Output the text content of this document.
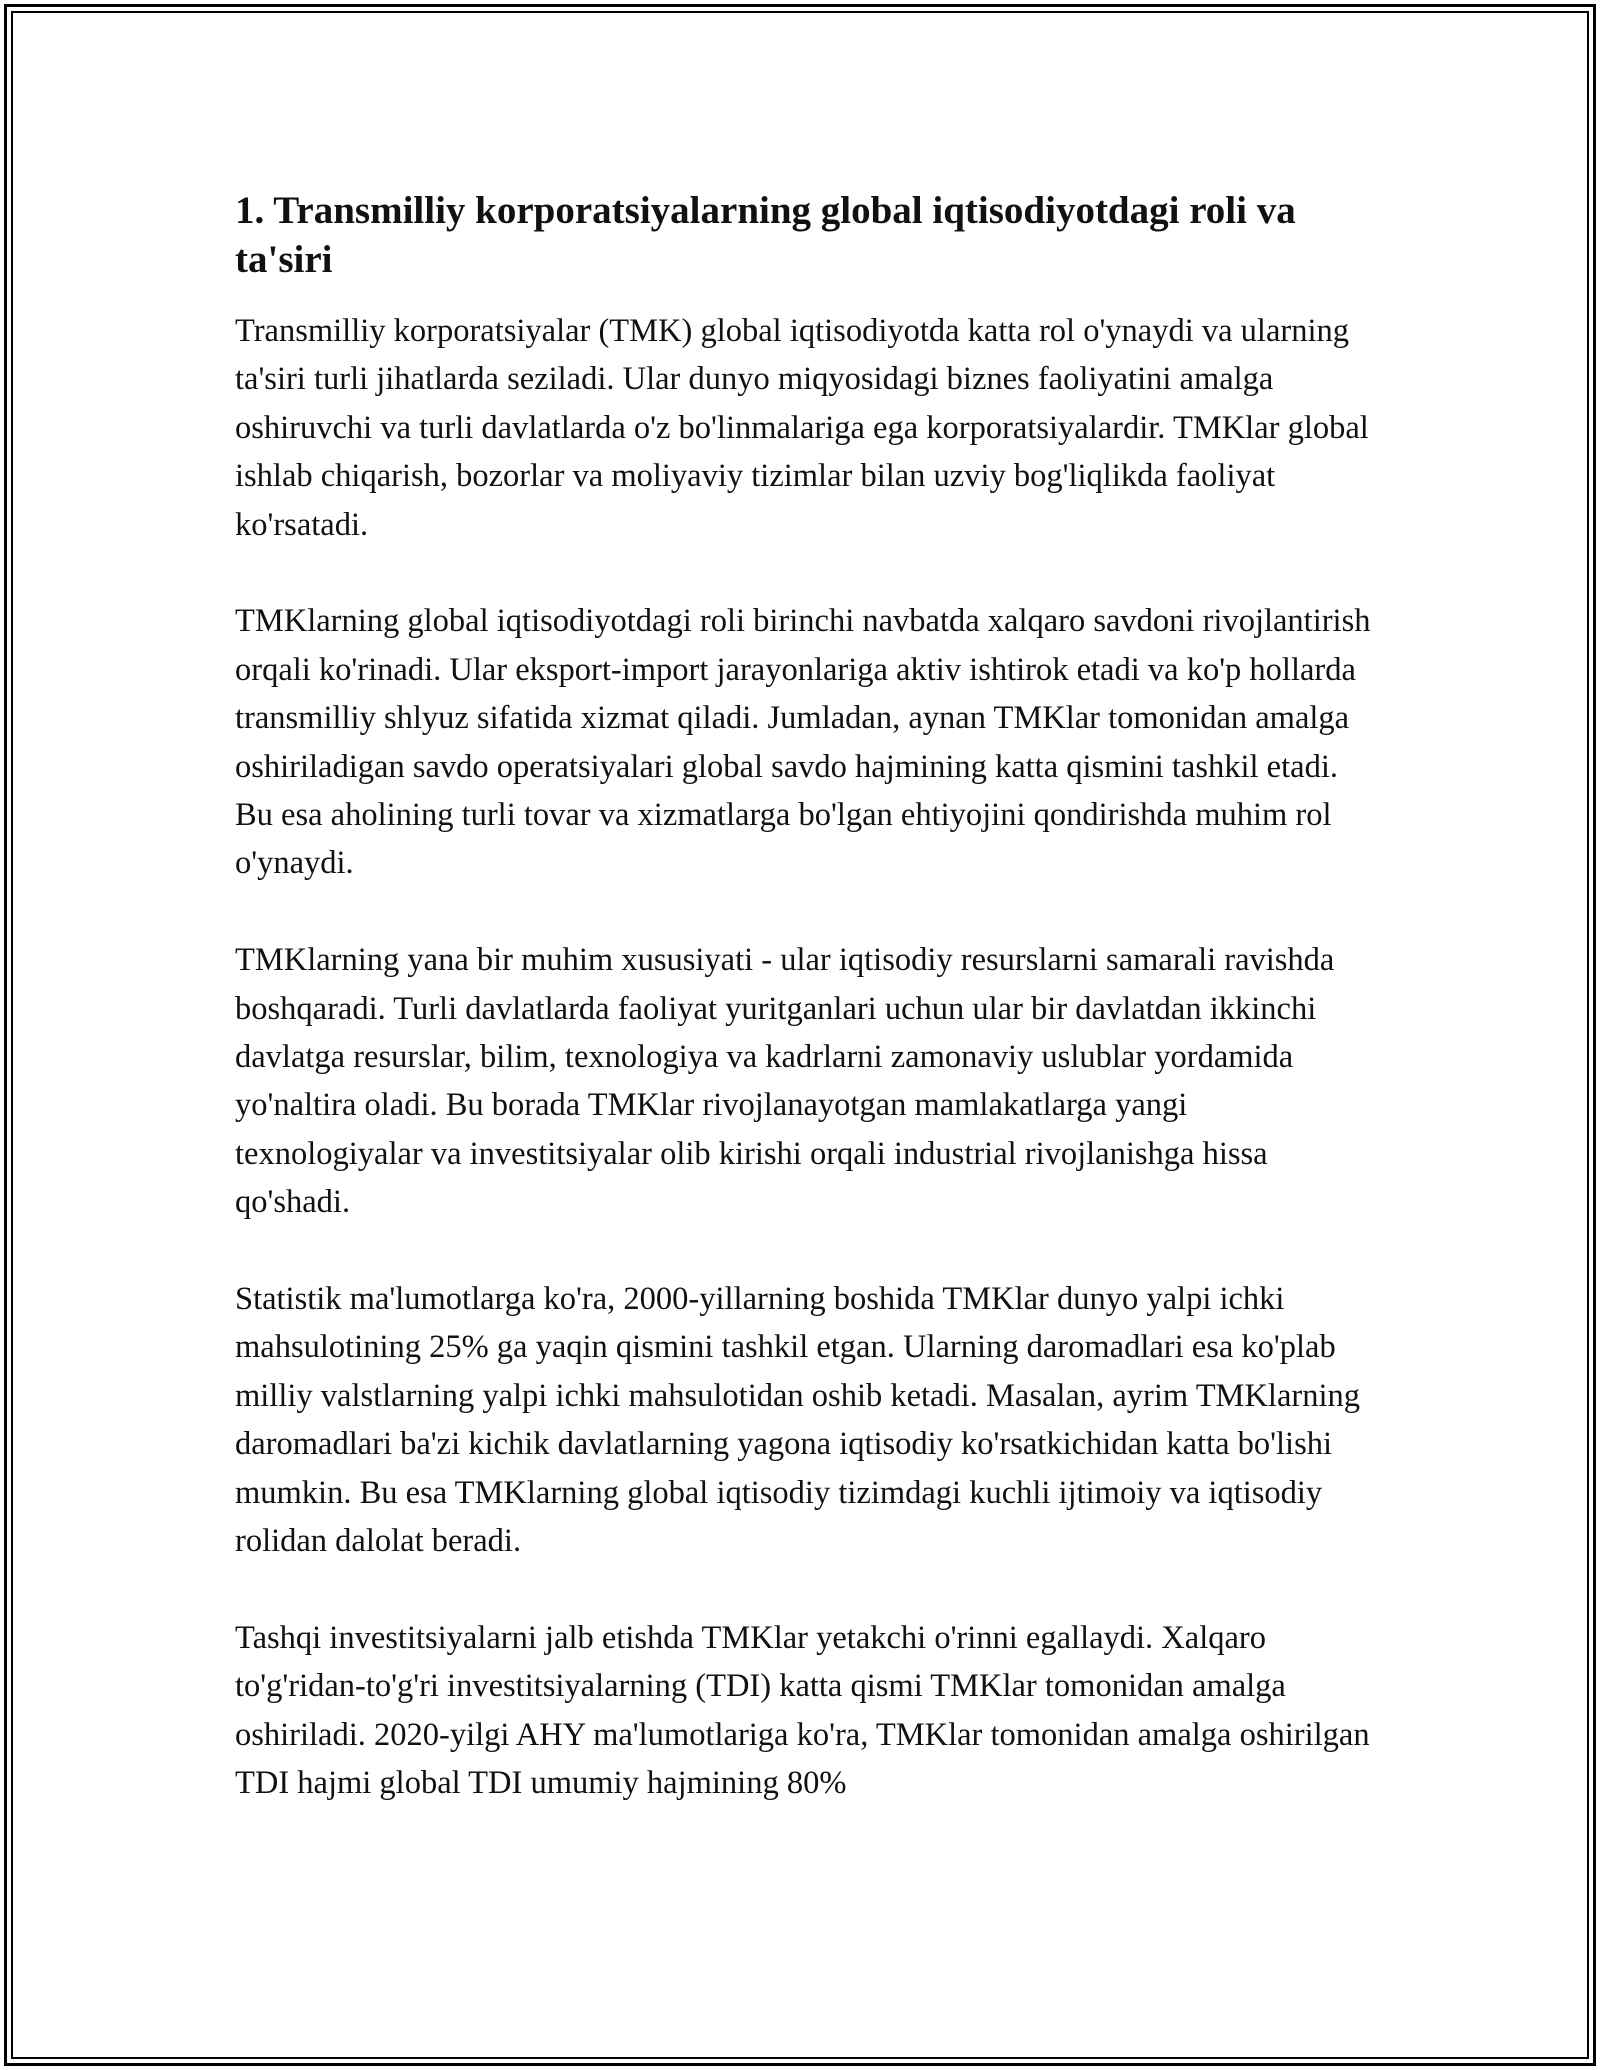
1. Transmilliy korporatsiyalarning global iqtisodiyotdagi roli va ta'siri

Transmilliy korporatsiyalar (TMK) global iqtisodiyotda katta rol o'ynaydi va ularning ta'siri turli jihatlarda seziladi. Ular dunyo miqyosidagi biznes faoliyatini amalga oshiruvchi va turli davlatlarda o'z bo'linmalariga ega korporatsiyalardir. TMKlar global ishlab chiqarish, bozorlar va moliyaviy tizimlar bilan uzviy bog'liqlikda faoliyat ko'rsatadi.

TMKlarning global iqtisodiyotdagi roli birinchi navbatda xalqaro savdoni rivojlantirish orqali ko'rinadi. Ular eksport-import jarayonlariga aktiv ishtirok etadi va ko'p hollarda transmilliy shlyuz sifatida xizmat qiladi. Jumladan, aynan TMKlar tomonidan amalga oshiriladigan savdo operatsiyalari global savdo hajmining katta qismini tashkil etadi. Bu esa aholining turli tovar va xizmatlarga bo'lgan ehtiyojini qondirishda muhim rol o'ynaydi.

TMKlarning yana bir muhim xususiyati - ular iqtisodiy resurslarni samarali ravishda boshqaradi. Turli davlatlarda faoliyat yuritganlari uchun ular bir davlatdan ikkinchi davlatga resurslar, bilim, texnologiya va kadrlarni zamonaviy uslublar yordamida yo'naltira oladi. Bu borada TMKlar rivojlanayotgan mamlakatlarga yangi texnologiyalar va investitsiyalar olib kirishi orqali industrial rivojlanishga hissa qo'shadi.

Statistik ma'lumotlarga ko'ra, 2000-yillarning boshida TMKlar dunyo yalpi ichki mahsulotining 25% ga yaqin qismini tashkil etgan. Ularning daromadlari esa ko'plab milliy valstlarning yalpi ichki mahsulotidan oshib ketadi. Masalan, ayrim TMKlarning daromadlari ba'zi kichik davlatlarning yagona iqtisodiy ko'rsatkichidan katta bo'lishi mumkin. Bu esa TMKlarning global iqtisodiy tizimdagi kuchli ijtimoiy va iqtisodiy rolidan dalolat beradi.

Tashqi investitsiyalarni jalb etishda TMKlar yetakchi o'rinni egallaydi. Xalqaro to'g'ridan-to'g'ri investitsiyalarning (TDI) katta qismi TMKlar tomonidan amalga oshiriladi. 2020-yilgi AHY ma'lumotlariga ko'ra, TMKlar tomonidan amalga oshirilgan TDI hajmi global TDI umumiy hajmining 80%
